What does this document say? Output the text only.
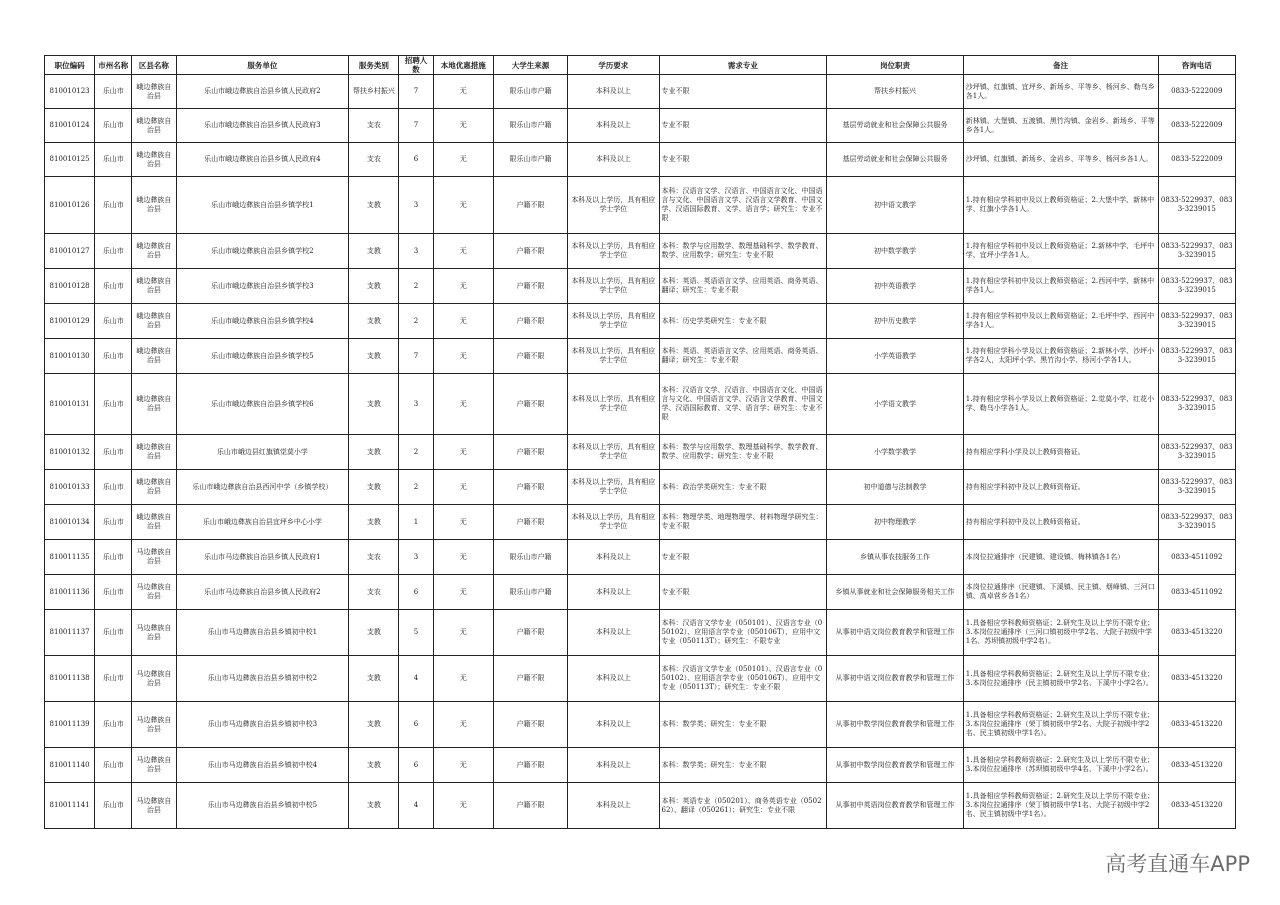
职位编码	市州名称	区县名称	服务单位	服务类别	招聘人数	本地优惠措施	大学生来源	学历要求	需求专业	岗位职责	备注	咨询电话
810010123	乐山市	峨边彝族自治县	乐山市峨边彝族自治县乡镇人民政府2	帮扶乡村振兴	7	无	限乐山市户籍	本科及以上	专业不限	帮扶乡村振兴	沙坪镇、红旗镇、宜坪乡、新场乡、平等乡、杨河乡、勒乌乡各1人。	0833-5222009
810010124	乐山市	峨边彝族自治县	乐山市峨边彝族自治县乡镇人民政府3	支农	7	无	限乐山市户籍	本科及以上	专业不限	基层劳动就业和社会保障公共服务	新林镇、大堡镇、五渡镇、黑竹沟镇、金岩乡、新场乡、平等乡各1人。	0833-5222009
810010125	乐山市	峨边彝族自治县	乐山市峨边彝族自治县乡镇人民政府4	支农	6	无	限乐山市户籍	本科及以上	专业不限	基层劳动就业和社会保障公共服务	沙坪镇、红旗镇、新场乡、金岩乡、平等乡、杨河乡各1人。	0833-5222009
810010126	乐山市	峨边彝族自治县	乐山市峨边彝族自治县乡镇学校1	支教	3	无	户籍不限	本科及以上学历，具有相应学士学位	本科：汉语言文学、汉语言、中国语言文化、中国语言与文化、中国语言文学、汉语言文学教育、中国文学、汉语国际教育、文学、语言学；研究生：专业不限	初中语文教学	1.持有相应学科初中及以上教师资格证；2.大堡中学、新林中学、红旗小学各1人。	0833-5229937、0833-3239015
810010127	乐山市	峨边彝族自治县	乐山市峨边彝族自治县乡镇学校2	支教	3	无	户籍不限	本科及以上学历，具有相应学士学位	本科：数学与应用数学、数理基础科学、数学教育、数学、应用数学；研究生：专业不限	初中数学教学	1.持有相应学科初中及以上教师资格证；2.新林中学、毛坪中学、宜坪小学各1人。	0833-5229937、0833-3239015
810010128	乐山市	峨边彝族自治县	乐山市峨边彝族自治县乡镇学校3	支教	2	无	户籍不限	本科及以上学历，具有相应学士学位	本科：英语、英语语言文学、应用英语、商务英语、翻译；研究生：专业不限	初中英语教学	1.持有相应学科初中及以上教师资格证；2.西河中学、新林中学各1人。	0833-5229937、0833-3239015
810010129	乐山市	峨边彝族自治县	乐山市峨边彝族自治县乡镇学校4	支教	2	无	户籍不限	本科及以上学历，具有相应学士学位	本科：历史学类研究生：专业不限	初中历史教学	1.持有相应学科初中及以上教师资格证；2.毛坪中学、西河中学各1人。	0833-5229937、0833-3239015
810010130	乐山市	峨边彝族自治县	乐山市峨边彝族自治县乡镇学校5	支教	7	无	户籍不限	本科及以上学历，具有相应学士学位	本科：英语、英语语言文学、应用英语、商务英语、翻译；研究生：专业不限	小学英语教学	1.持有相应学科小学及以上教师资格证；2.新林小学、沙坪小学各2人，太阳坪小学、黑竹沟小学、杨河小学各1人。	0833-5229937、0833-3239015
810010131	乐山市	峨边彝族自治县	乐山市峨边彝族自治县乡镇学校6	支教	3	无	户籍不限	本科及以上学历，具有相应学士学位	本科：汉语言文学、汉语言、中国语言文化、中国语言与文化、中国语言文学、汉语言文学教育、中国文学、汉语国际教育、文学、语言学；研究生：专业不限	小学语文教学	1.持有相应学科小学及以上教师资格证；2.觉莫小学、红花小学、勒乌小学各1人。	0833-5229937、0833-3239015
810010132	乐山市	峨边彝族自治县	乐山市峨边县红旗镇觉莫小学	支教	2	无	户籍不限	本科及以上学历，具有相应学士学位	本科：数学与应用数学、数理基础科学、数学教育、数学、应用数学；研究生：专业不限	小学数学教学	持有相应学科小学及以上教师资格证。	0833-5229937、0833-3239015
810010133	乐山市	峨边彝族自治县	乐山市峨边彝族自治县西河中学（乡镇学校）	支教	2	无	户籍不限	本科及以上学历，具有相应学士学位	本科：政治学类研究生：专业不限	初中道德与法制教学	持有相应学科初中及以上教师资格证。	0833-5229937、0833-3239015
810010134	乐山市	峨边彝族自治县	乐山市峨边彝族自治县宜坪乡中心小学	支教	1	无	户籍不限	本科及以上学历，具有相应学士学位	本科：物理学类、地理物理学、材料物理学研究生：专业不限	初中物理教学	持有相应学科初中及以上教师资格证。	0833-5229937、0833-3239015
810011135	乐山市	马边彝族自治县	乐山市马边彝族自治县乡镇人民政府1	支农	3	无	限乐山市户籍	本科及以上	专业不限	乡镇从事农技服务工作	本岗位拉通排序（民建镇、建设镇、梅林镇各1名）	0833-4511092
810011136	乐山市	马边彝族自治县	乐山市马边彝族自治县乡镇人民政府2	支农	6	无	限乐山市户籍	本科及以上	专业不限	乡镇从事就业和社会保障服务相关工作	本岗位拉通排序（民建镇、下溪镇、民主镇、烟峰镇、三河口镇、高卓营乡各1名）	0833-4511092
810011137	乐山市	马边彝族自治县	乐山市马边彝族自治县乡镇初中校1	支教	5	无	户籍不限	本科及以上	本科：汉语言文学专业（050101）、汉语言专业（050102）、应用语言学专业（050106T）、应用中文专业（050113T）；研究生：不限专业	从事初中语文岗位教育教学和管理工作	1.具备相应学科教师资格证；2.研究生及以上学历不限专业；3.本岗位拉通排序（三河口镇初级中学2名、大院子初级中学1名、苏坝镇初级中学2名）。	0833-4513220
810011138	乐山市	马边彝族自治县	乐山市马边彝族自治县乡镇初中校2	支教	4	无	户籍不限	本科及以上	本科：汉语言文学专业（050101）、汉语言专业（050102）、应用语言学专业（050106T）、应用中文专业（050113T）；研究生：专业不限	从事初中语文岗位教育教学和管理工作	1.具备相应学科教师资格证；2.研究生及以上学历不限专业；3.本岗位拉通排序（民主镇初级中学2名、下溪中小学2名）。	0833-4513220
810011139	乐山市	马边彝族自治县	乐山市马边彝族自治县乡镇初中校3	支教	6	无	户籍不限	本科及以上	本科：数学类；研究生：专业不限	从事初中数学岗位教育教学和管理工作	1.具备相应学科教师资格证；2.研究生及以上学历不限专业；3.本岗位拉通排序（荣丁镇初级中学2名、大院子初级中学2名、民主镇初级中学1名）。	0833-4513220
810011140	乐山市	马边彝族自治县	乐山市马边彝族自治县乡镇初中校4	支教	6	无	户籍不限	本科及以上	本科：数学类；研究生：专业不限	从事初中数学岗位教育教学和管理工作	1.具备相应学科教师资格证；2.研究生及以上学历不限专业；3.本岗位拉通排序（苏坝镇初级中学4名、下溪中小学2名）。	0833-4513220
810011141	乐山市	马边彝族自治县	乐山市马边彝族自治县乡镇初中校5	支教	4	无	户籍不限	本科及以上	本科：英语专业（050201）、商务英语专业（050262）、翻译（050261）；研究生：专业不限	从事初中英语岗位教育教学和管理工作	1.具备相应学科教师资格证；2.研究生及以上学历不限专业；3.本岗位拉通排序（荣丁镇初级中学1名、大院子初级中学2名、民主镇初级中学1名）。	0833-4513220
高考直通车APP
